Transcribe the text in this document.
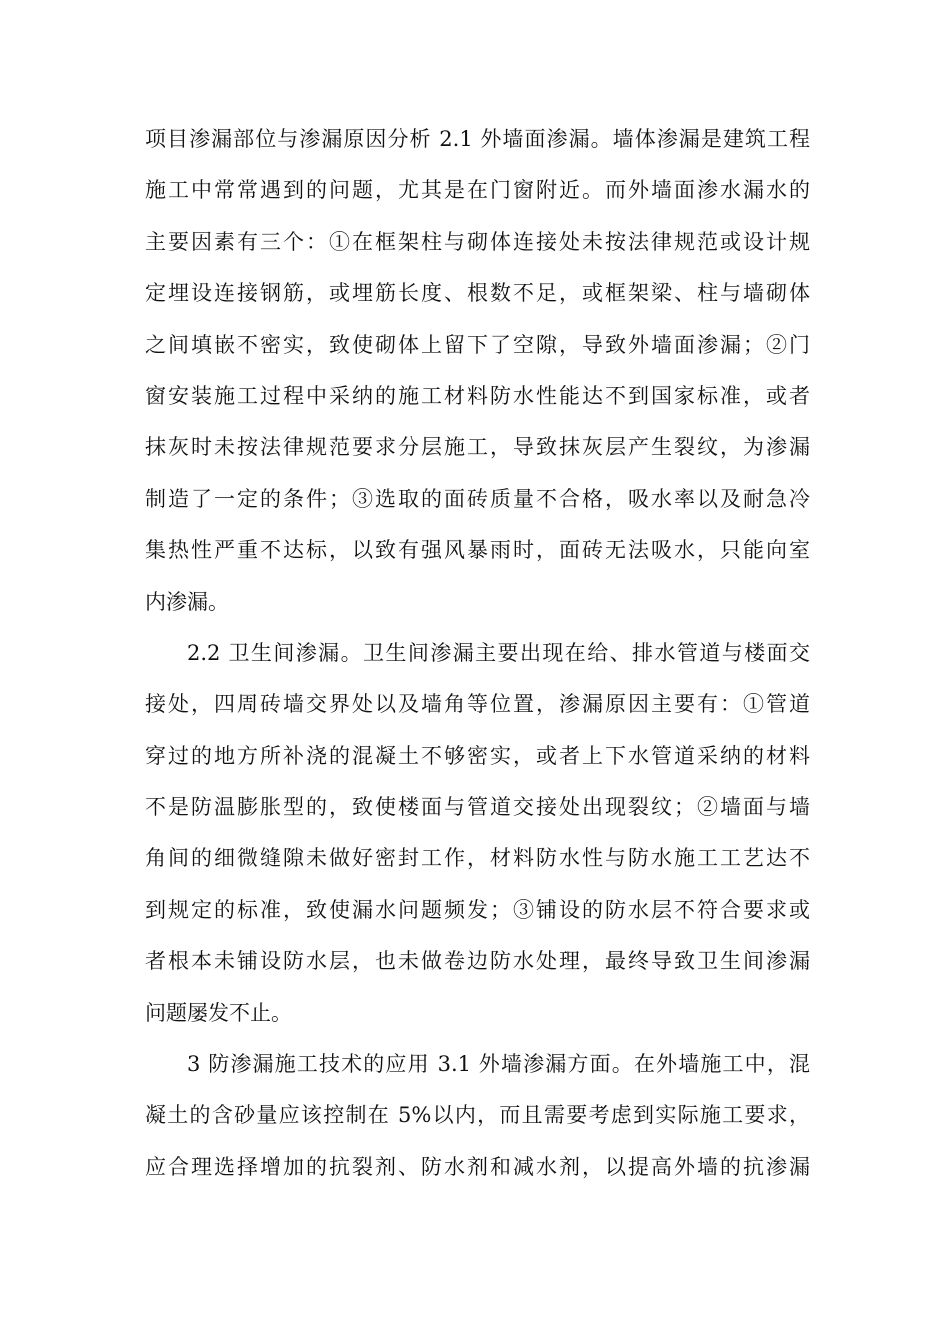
项目渗漏部位与渗漏原因分析 2.1 外墙面渗漏。墙体渗漏是建筑工程
施工中常常遇到的问题，尤其是在门窗附近。而外墙面渗水漏水的
主要因素有三个：①在框架柱与砌体连接处未按法律规范或设计规
定埋设连接钢筋，或埋筋长度、根数不足，或框架梁、柱与墙砌体
之间填嵌不密实，致使砌体上留下了空隙，导致外墙面渗漏；②门
窗安装施工过程中采纳的施工材料防水性能达不到国家标准，或者
抹灰时未按法律规范要求分层施工，导致抹灰层产生裂纹，为渗漏
制造了一定的条件；③选取的面砖质量不合格，吸水率以及耐急冷
集热性严重不达标，以致有强风暴雨时，面砖无法吸水，只能向室
内渗漏。

2.2 卫生间渗漏。卫生间渗漏主要出现在给、排水管道与楼面交
接处，四周砖墙交界处以及墙角等位置，渗漏原因主要有：①管道
穿过的地方所补浇的混凝土不够密实，或者上下水管道采纳的材料
不是防温膨胀型的，致使楼面与管道交接处出现裂纹；②墙面与墙
角间的细微缝隙未做好密封工作，材料防水性与防水施工工艺达不
到规定的标准，致使漏水问题频发；③铺设的防水层不符合要求或
者根本未铺设防水层，也未做卷边防水处理，最终导致卫生间渗漏
问题屡发不止。

3 防渗漏施工技术的应用 3.1 外墙渗漏方面。在外墙施工中，混
凝土的含砂量应该控制在 5%以内，而且需要考虑到实际施工要求，
应合理选择增加的抗裂剂、防水剂和减水剂，以提高外墙的抗渗漏
